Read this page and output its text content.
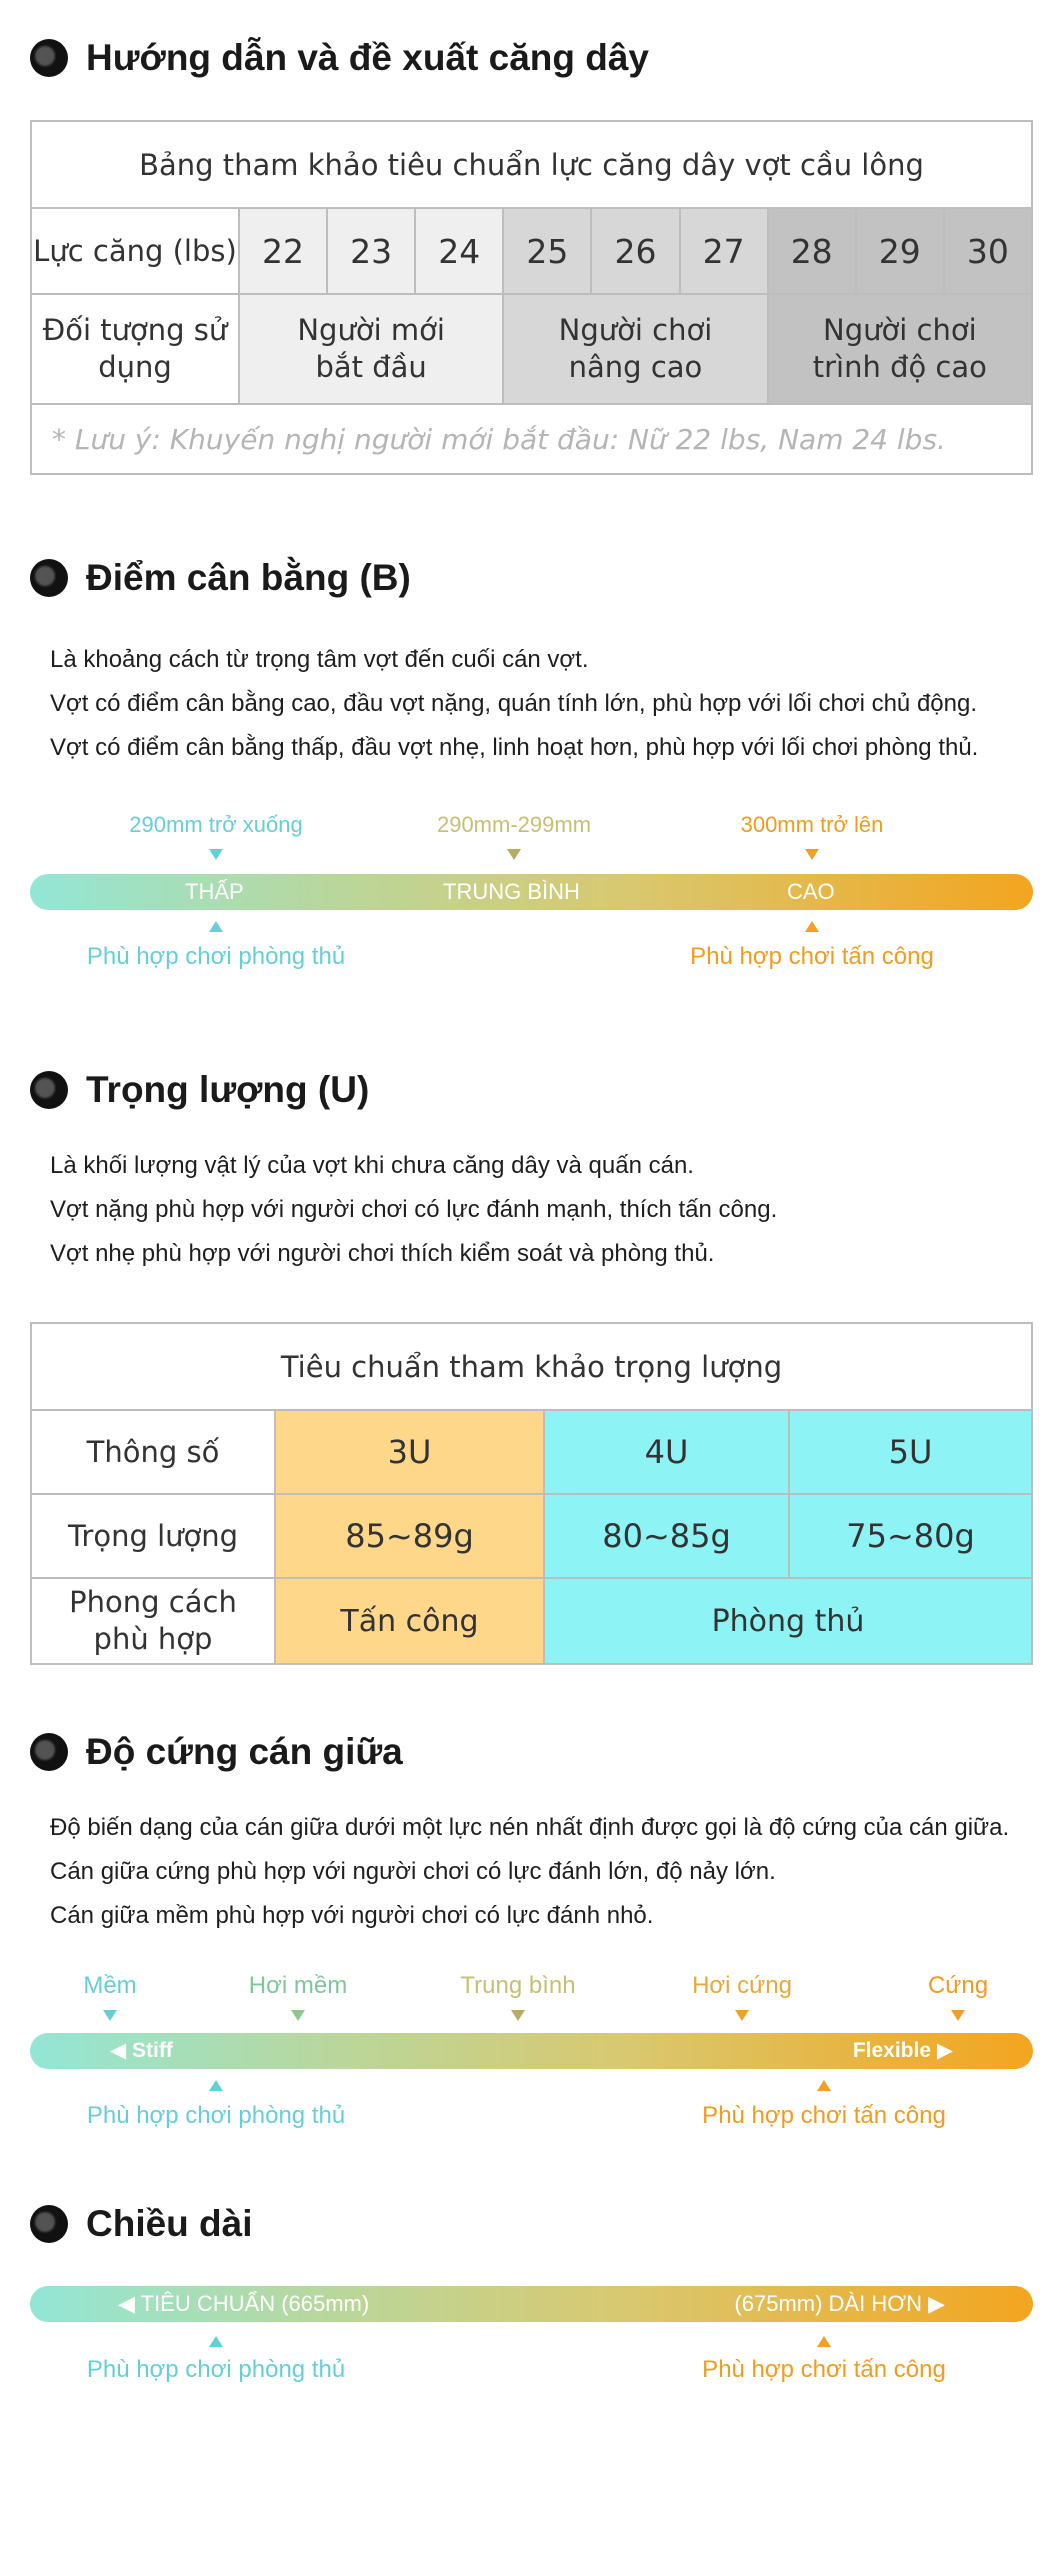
Hướng dẫn và đề xuất căng dây
Bảng tham khảo tiêu chuẩn lực căng dây vợt cầu lông									
Lực căng (lbs)	22	23	24	25	26	27	28	29	30
Đối tượng sử dụng	Người mới bắt đầu			Người chơi nâng cao			Người chơi trình độ cao		
* Lưu ý: Khuyến nghị người mới bắt đầu: Nữ 22 lbs, Nam 24 lbs.									
Điểm cân bằng (B)
Là khoảng cách từ trọng tâm vợt đến cuối cán vợt.
Vợt có điểm cân bằng cao, đầu vợt nặng, quán tính lớn, phù hợp với lối chơi chủ động.
Vợt có điểm cân bằng thấp, đầu vợt nhẹ, linh hoạt hơn, phù hợp với lối chơi phòng thủ.
290mm trở xuống	290mm-299mm	300mm trở lên
THẤP	TRUNG BÌNH	CAO
Phù hợp chơi phòng thủ	Phù hợp chơi tấn công
Trọng lượng (U)
Là khối lượng vật lý của vợt khi chưa căng dây và quấn cán.
Vợt nặng phù hợp với người chơi có lực đánh mạnh, thích tấn công.
Vợt nhẹ phù hợp với người chơi thích kiểm soát và phòng thủ.
Tiêu chuẩn tham khảo trọng lượng			
Thông số	3U	4U	5U
Trọng lượng	85~89g	80~85g	75~80g
Phong cách phù hợp	Tấn công	Phòng thủ	
Độ cứng cán giữa
Độ biến dạng của cán giữa dưới một lực nén nhất định được gọi là độ cứng của cán giữa.
Cán giữa cứng phù hợp với người chơi có lực đánh lớn, độ nảy lớn.
Cán giữa mềm phù hợp với người chơi có lực đánh nhỏ.
Mềm	Hơi mềm	Trung bình	Hơi cứng	Cứng
◀ Stiff	Flexible ▶
Phù hợp chơi phòng thủ	Phù hợp chơi tấn công
Chiều dài
◀ TIÊU CHUẨN (665mm)	(675mm) DÀI HƠN ▶
Phù hợp chơi phòng thủ	Phù hợp chơi tấn công
